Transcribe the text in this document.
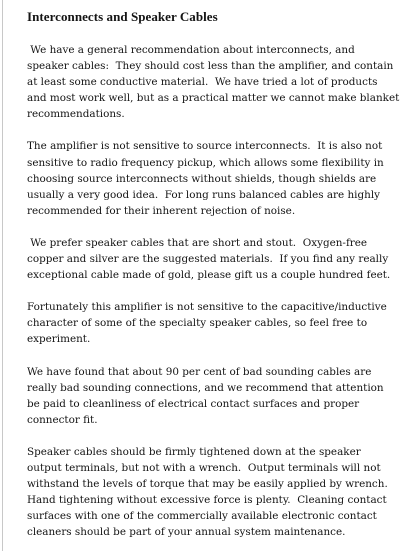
Interconnects and Speaker Cables
We have a general recommendation about interconnects, and
speaker cables:  They should cost less than the amplifier, and contain
at least some conductive material.  We have tried a lot of products
and most work well, but as a practical matter we cannot make blanket
recommendations.
The amplifier is not sensitive to source interconnects.  It is also not
sensitive to radio frequency pickup, which allows some flexibility in
choosing source interconnects without shields, though shields are
usually a very good idea.  For long runs balanced cables are highly
recommended for their inherent rejection of noise.
We prefer speaker cables that are short and stout.  Oxygen-free
copper and silver are the suggested materials.  If you find any really
exceptional cable made of gold, please gift us a couple hundred feet.
Fortunately this amplifier is not sensitive to the capacitive/inductive
character of some of the specialty speaker cables, so feel free to
experiment.
We have found that about 90 per cent of bad sounding cables are
really bad sounding connections, and we recommend that attention
be paid to cleanliness of electrical contact surfaces and proper
connector fit.
Speaker cables should be firmly tightened down at the speaker
output terminals, but not with a wrench.  Output terminals will not
withstand the levels of torque that may be easily applied by wrench.
Hand tightening without excessive force is plenty.  Cleaning contact
surfaces with one of the commercially available electronic contact
cleaners should be part of your annual system maintenance.
